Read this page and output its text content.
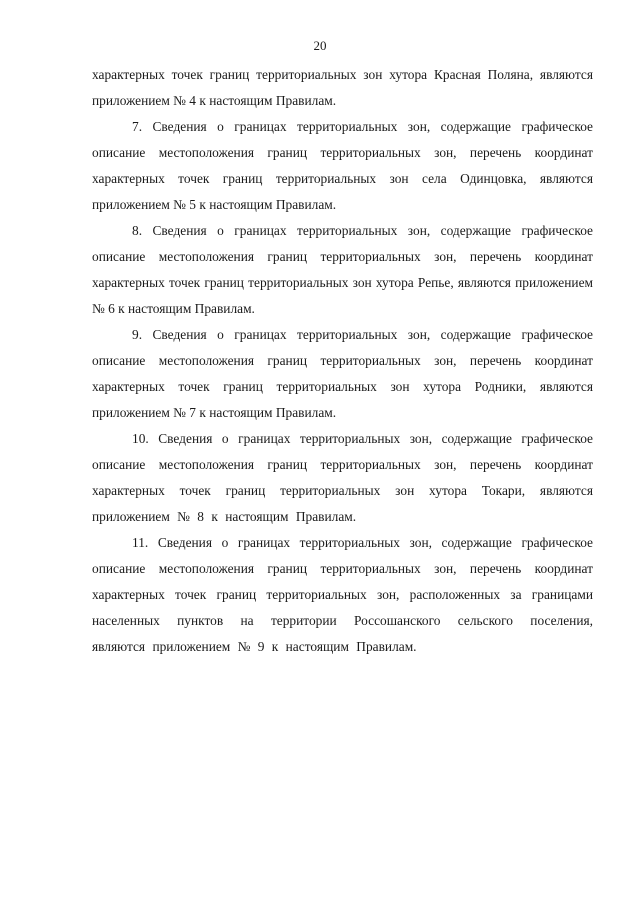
20

характерных точек границ территориальных зон хутора Красная Поляна, являются приложением № 4 к настоящим Правилам.

7. Сведения о границах территориальных зон, содержащие графическое описание местоположения границ территориальных зон, перечень координат характерных точек границ территориальных зон села Одинцовка, являются приложением № 5 к настоящим Правилам.

8. Сведения о границах территориальных зон, содержащие графическое описание местоположения границ территориальных зон, перечень координат характерных точек границ территориальных зон хутора Репье, являются приложением № 6 к настоящим Правилам.

9. Сведения о границах территориальных зон, содержащие графическое описание местоположения границ территориальных зон, перечень координат характерных точек границ территориальных зон хутора Родники, являются приложением № 7 к настоящим Правилам.

10. Сведения о границах территориальных зон, содержащие графическое описание местоположения границ территориальных зон, перечень координат характерных точек границ территориальных зон хутора Токари, являются приложением № 8 к настоящим Правилам.

11. Сведения о границах территориальных зон, содержащие графическое описание местоположения границ территориальных зон, перечень координат характерных точек границ территориальных зон, расположенных за границами населенных пунктов на территории Россошанского сельского поселения, являются приложением № 9 к настоящим Правилам.
